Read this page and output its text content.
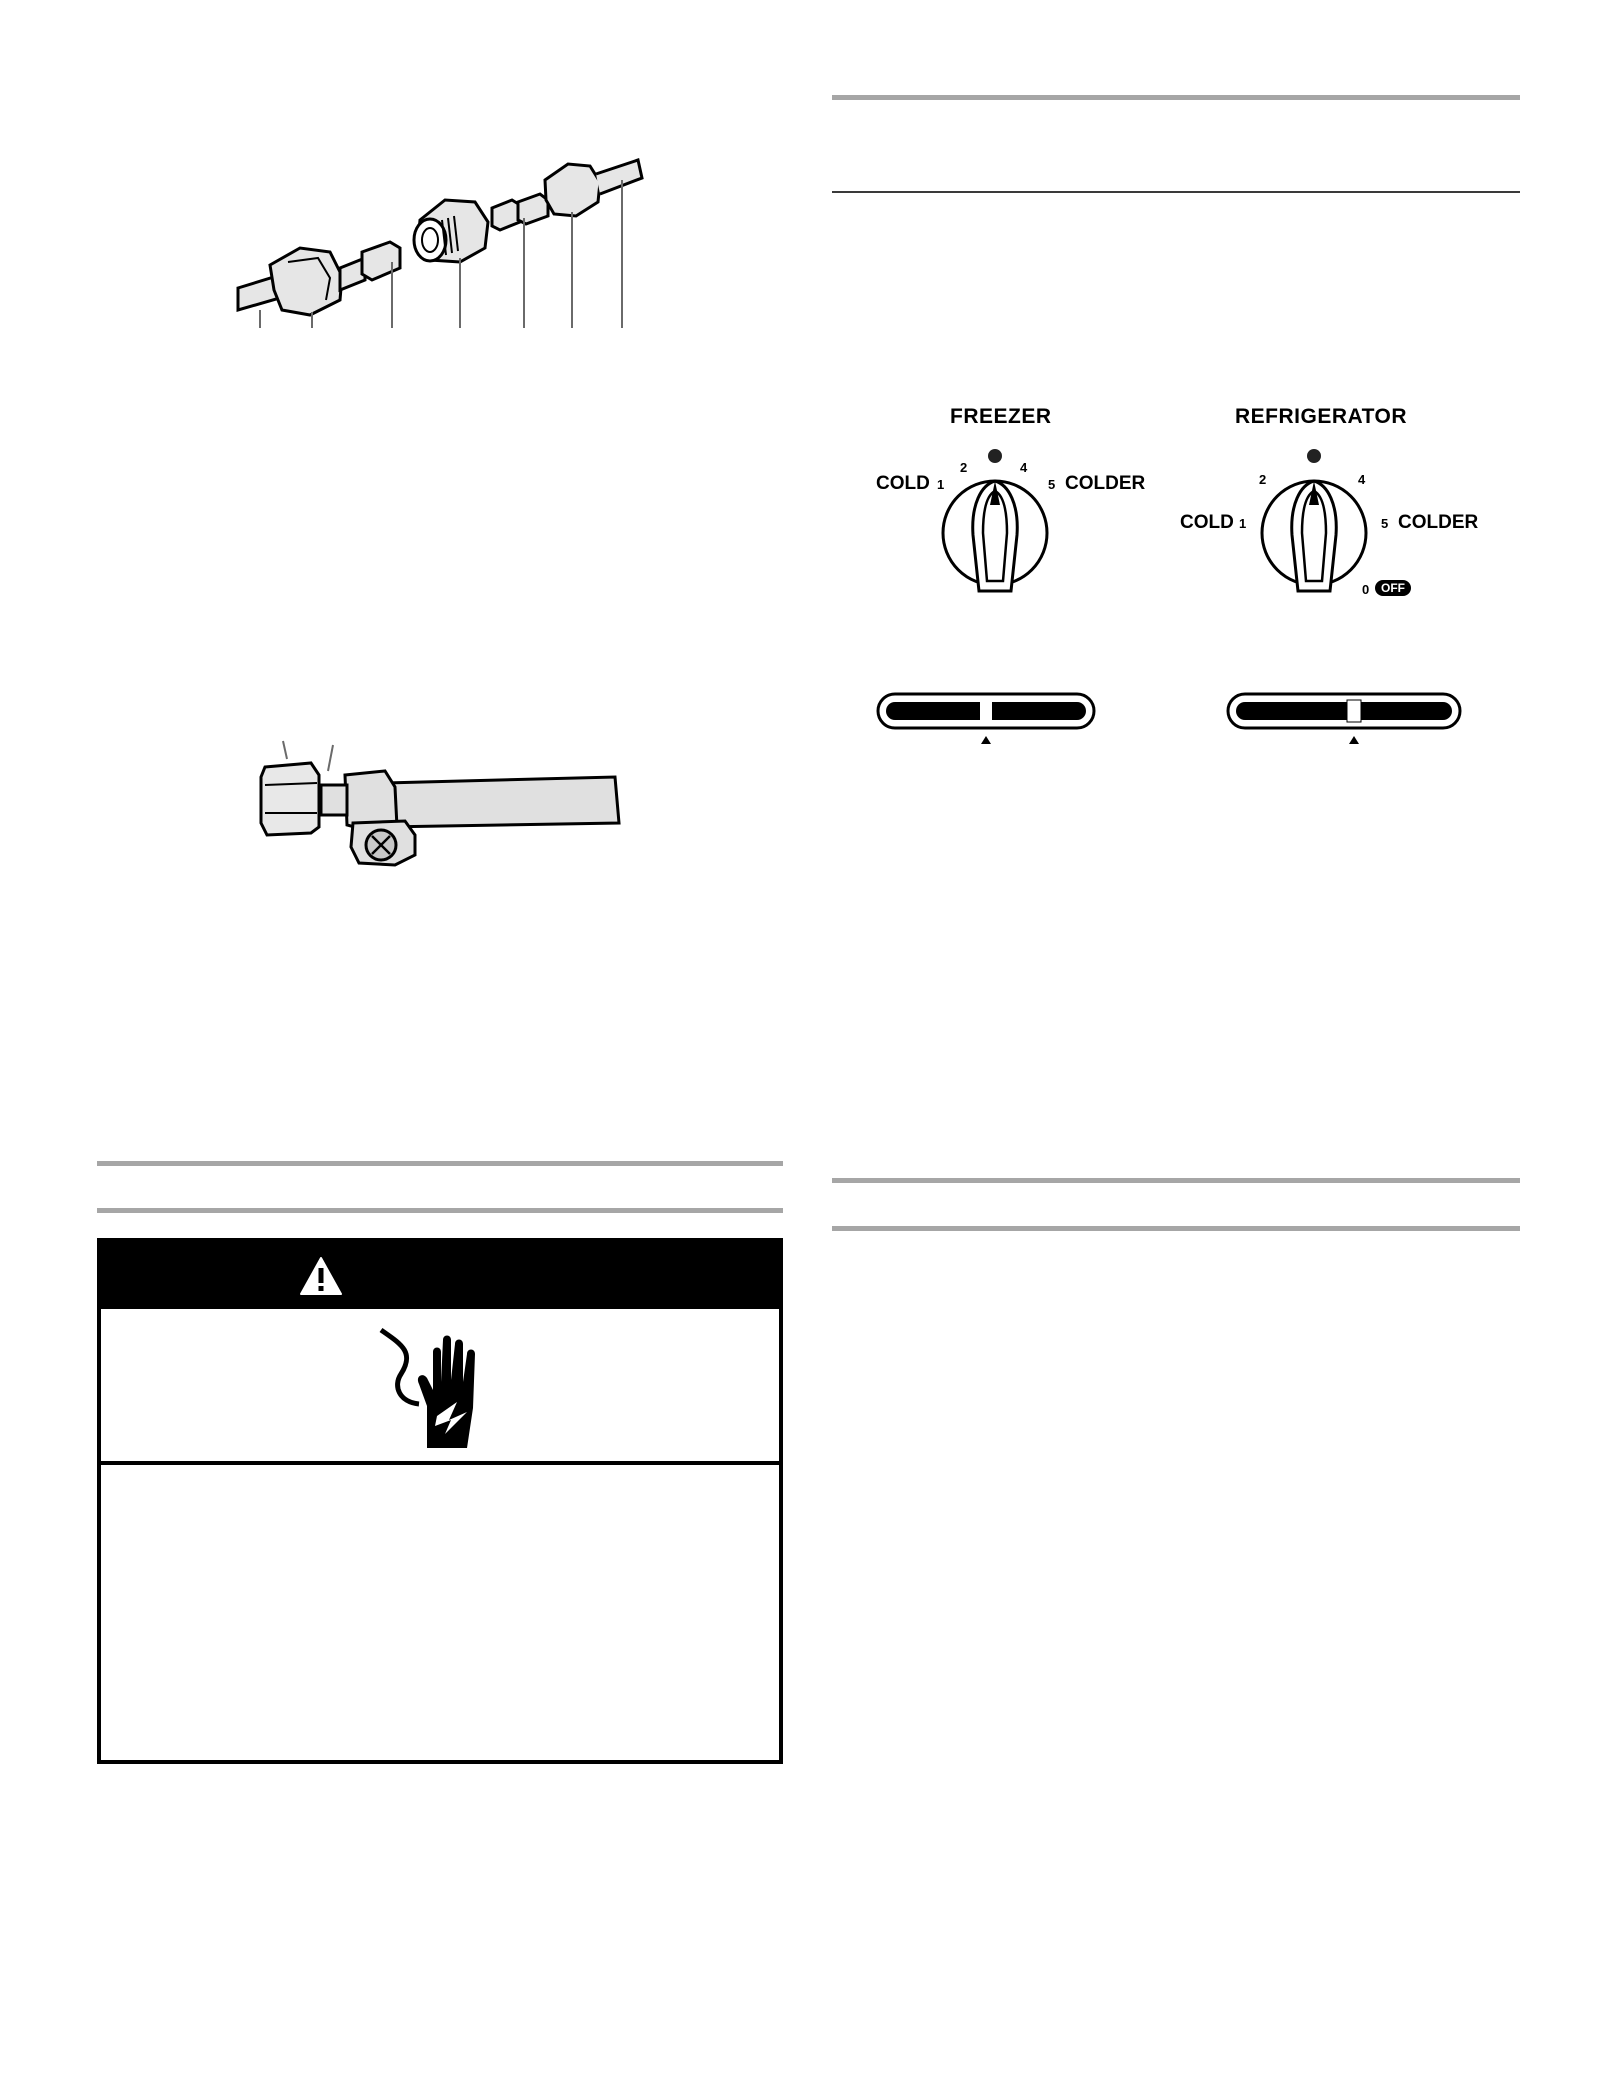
FREEZER
COLD 1
2	4
5 COLDER
REFRIGERATOR
COLD 1
2	4
5 COLDER
0 OFF
